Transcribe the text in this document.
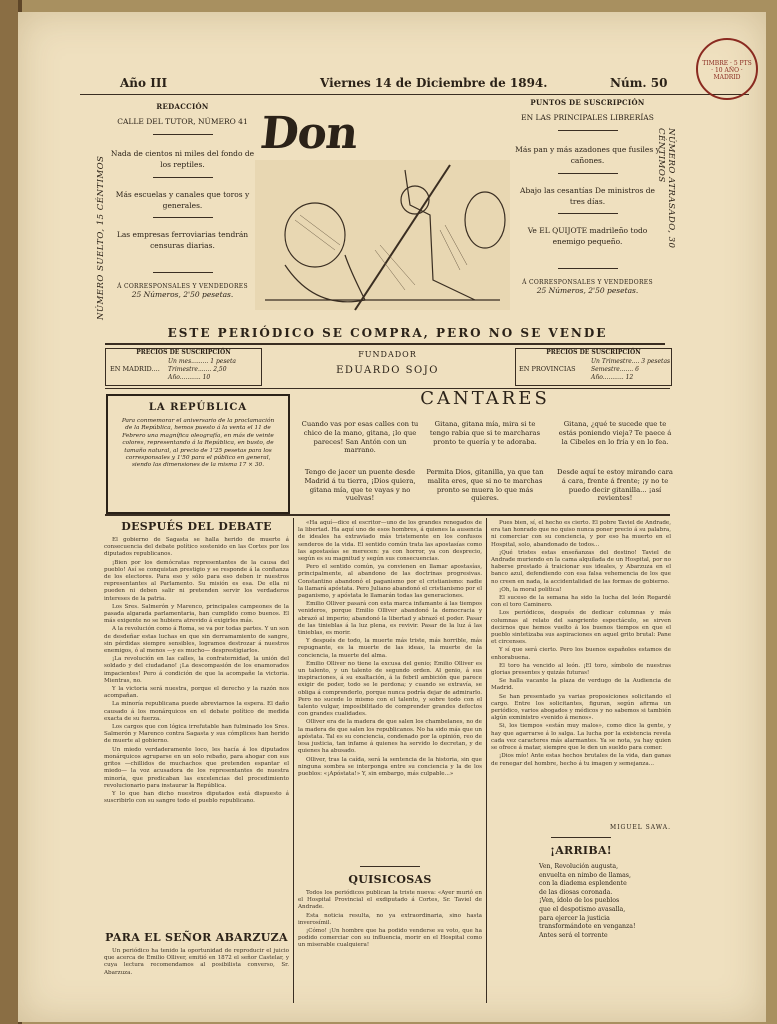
Año III	Viernes 14 de Diciembre de 1894.	Núm. 50
TIMBRE · 5 PTS · 10 AÑO · MADRID
NÚMERO SUELTO, 15 CÉNTIMOS	NÚMERO ATRASADO, 30 CÉNTIMOS
REDACCIÓN
CALLE DEL TUTOR, NÚMERO 41
Nada de cientos ni miles del fondo de los reptiles.
Más escuelas y canales que toros y generales.
Las empresas ferroviarias tendrán censuras diarias.
Á CORRESPONSALES Y VENDEDORES
25 Números, 2'50 pesetas.
Don
PUNTOS DE SUSCRIPCIÓN
EN LAS PRINCIPALES LIBRERÍAS
Más pan y más azadones que fusiles y cañones.
Abajo las cesantías De ministros de tres días.
Ve EL QUIJOTE madrileño todo enemigo pequeño.
Á CORRESPONSALES Y VENDEDORES
25 Números, 2'50 pesetas.
ESTE PERIÓDICO SE COMPRA, PERO NO SE VENDE
PRECIOS DE SUSCRIPCIÓN
EN MADRID....
Un mes......... 1 peseta
Trimestre....... 2,50
Año........... 10
FUNDADOR
EDUARDO SOJO
PRECIOS DE SUSCRIPCIÓN
EN PROVINCIAS
Un Trimestre.... 3 pesetas
Semestre....... 6
Año........... 12
LA REPÚBLICA
Para conmemorar el aniversario de la proclamación de la República, hemos puesto á la venta el 11 de Febrero una magnífica oleografía, en más de veinte colores, representando á la República, en busto, de tamaño natural, al precio de 1'25 pesetas para los corresponsales y 1'50 para el público en general, siendo las dimensiones de la misma 17 × 30.
CANTARES
Cuando vas por esas calles con tu chico de la mano, gitana, ¡lo que pareces! San Antón con un marrano.
Gitana, gitana mía, mira si te tengo rabia que si te marcharas pronto te quería y te adoraba.
Gitana, ¿qué te sucede que te estás poniendo vieja? Te paece á la Cibeles en lo fría y en lo fea.
Tengo de jacer un puente desde Madrid á tu tierra, ¡Dios quiera, gitana mía, que te vayas y no vuelvas!
Permita Dios, gitanilla, ya que tan malita eres, que si no te marchas pronto se muera lo que más quieres.
Desde aquí te estoy mirando cara á cara, frente á frente; ¡y no te puedo decir gitanilla... ¡así revientes!
DESPUÉS DEL DEBATE

El gobierno de Sagasta se halla herido de muerte á consecuencia del debate político sostenido en las Cortes por los diputados republicanos.

¡Bien por los demócratas representantes de la causa del pueblo! Así se conquistan prestigio y se responde á la confianza de los electores. Para eso y sólo para eso deben ir nuestros representantes al Parlamento. Su misión es esa. De ella ni pueden ni deben salir ni pretenden servir los verdaderos intereses de la patria.

Los Sres. Salmerón y Marenco, principales campeones de la pasada algarada parlamentaria, han cumplido como buenos. El más exigente no se hubiera atrevido á exigirles más.

A la revolución como á Roma, se va por todas partes. Y un son de desdeñar estas luchas en que sin derramamiento de sangre, sin pérdidas siempre sensibles, logramos destrozar á nuestros enemigos, ó al menos —y es mucho— desprestigiarlos.

¡La revolución en las calles, la confraternidad, la unión del soldado y del ciudadano! ¡La descompasión de los enamorados impacientes! Pero á condición de que la acompañe la victoria. Mientras, no.

Y la victoria será nuestra, porque el derecho y la razón nos acompañan.

La minoría republicana puede abreviarnos la espera. El daño causado á los monárquicos en el debate político de medida exacta de su fuerza.

Los cargos que con lógica irrefutable han fulminado los Sres. Salmerón y Marenco contra Sagasta y sus cómplices han herido de muerte al gobierno.

Un miedo verdaderamente loco, les hacía á los diputados monárquicos agruparse en un solo rebaño, para ahogar con sus gritos —chillidos de muchachos que pretenden espantar el miedo— la voz acusadora de los representantes de nuestra minoría, que predicaban las excelencias del procedimiento revolucionario para instaurar la República.

Y lo que han dicho nuestros diputados está dispuesto á suscribirlo con su sangre todo el pueblo republicano.

PARA EL SEÑOR ABARZUZA

Un periódico ha tenido la oportunidad de reproducir el juicio que acerca de Emilio Olliver, emitió en 1872 el señor Castelar, y cuya lectura recomendamos al posibilista converso, Sr. Abarzuza.

«Ha aquí—dice el escritor—uno de los grandes renegados de la libertad. Ha aquí uno de esos hombres, á quienes la ausencia de ideales ha extraviado más tristemente en los confusos senderos de la vida. El sentido común trata las apostasías como las apostasías se merecen: ya con horror, ya con desprecio, según es su magnitud y según sus consecuencias.

Pero el sentido común, ya convienen en llamar apostasías, principalmente, al abandono de las doctrinas progresivas. Constantino abandonó el paganismo por el cristianismo: nadie la llamará apóstata. Pero Juliano abandonó el cristianismo por el paganismo, y apóstata le llamarán todas las generaciones.

Emilio Olliver pasará con esta marca infamante á las tiempos venideros, porque Emilio Olliver abandonó la democracia y abrazó al imperio; abandonó la libertad y abrazó el poder. Pasar de las tinieblas á la luz plena, es revivir. Pasar de la luz á las tinieblas, es morir.

Y después de todo, la muerte más triste, más horrible, más repugnante, es la muerte de las ideas, la muerte de la conciencia, la muerte del alma.

Emilio Olliver no tiene la excusa del genio; Emilio Olliver es un talento, y un talento de segundo orden. Al genio, á sus inspiraciones, á su exaltación, á la febril ambición que parece exigir de poder, todo se le perdona; y cuando se extravía, se obliga á comprenderlo, porque nunca podría dejar de admirarlo. Pero no sucede lo mismo con el talento, y sobre todo con el talento vulgar, imposibilitado de comprender grandes defectos con grandes cualidades.

Olliver era de la madera de que salen los chambelanes, no de la madera de que salen los republicanos. No ha sido más que un apóstata. Tal es su conciencia, condenado por la opinión, reo de lesa justicia, tan infame á quienes ha servido lo decretan, y de quienes ha abusado.

Olliver, tras la caída, será la sentencia de la historia, sin que ninguna sombra se interponga entre su conciencia y la de los pueblos: «¡Apóstata!» Y, sin embargo, más culpable...»

QUISICOSAS

Todos los periódicos publican la triste nueva: «Ayer murió en el Hospital Provincial el exdiputado á Cortes, Sr. Taviel de Andrade.

Esta noticia resulta, no ya extraordinaria, sino hasta inverosímil.

¡Cómo! ¡Un hombre que ha podido venderse su voto, que ha podido comerciar con su influencia, morir en el Hospital como un miserable cualquiera!

Pues bien, sí, el hecho es cierto. El pobre Taviel de Andrade, era tan honrado que no quiso nunca poner precio á su palabra, ni comerciar con su conciencia, y por eso ha muerto en el Hospital, solo, abandonado de todos...

¡Qué tristes estas enseñanzas del destino! Taviel de Andrade muriendo en la cama alquilada de un Hospital, por no haberse prestado á traicionar sus ideales, y Abarzuza en el banco azul, defendiendo con esa falsa vehemencia de los que no creen en nada, la accidentalidad de las formas de gobierno.

¡Oh, la moral política!

El suceso de la semana ha sido la lucha del león Regardé con el toro Caminero.

Los periódicos, después de dedicar columnas y más columnas al relato del sangriento espectáculo, se sirven decirnos que hemos vuelto á los buenos tiempos en que el pueblo sintetizaba sus aspiraciones en aquel grito brutal: Pane et circenses.

Y sí que será cierto. Pero los buenos españoles estamos de enhorabuena.

El toro ha vencido al león. ¡El toro, símbolo de nuestras glorias presentes y quizás futuras!

Se halla vacante la plaza de verdugo de la Audiencia de Madrid.

Se han presentado ya varias proposiciones solicitando el cargo. Entre los solicitantes, figuran, según afirma un periódico, varios abogados y médicos y no sabemos si también algún exministro «venido á menos».

Si, los tiempos «están muy malos», como dice la gente, y hay que agarrarse á lo salga. La lucha por la existencia revela cada vez caracteres más alarmantes. Ya se nota, ya hay quien se ofrece á matar, siempre que le den un sueldo para comer.

¡Dios mío! Ante estas hechos brutales de la vida, dan ganas de renegar del hombre, hecho á tu imagen y semejanza...

MIGUEL SAWA.
¡ARRIBA!
Ven, Revolución augusta,
envuelta en nimbo de llamas,
con la diadema esplendente
de las diosas coronada.
¡Ven, ídolo de los pueblos
que el despotismo avasalla,
para ejercer la justicia
transformándote en venganza!
Antes será el torrente
